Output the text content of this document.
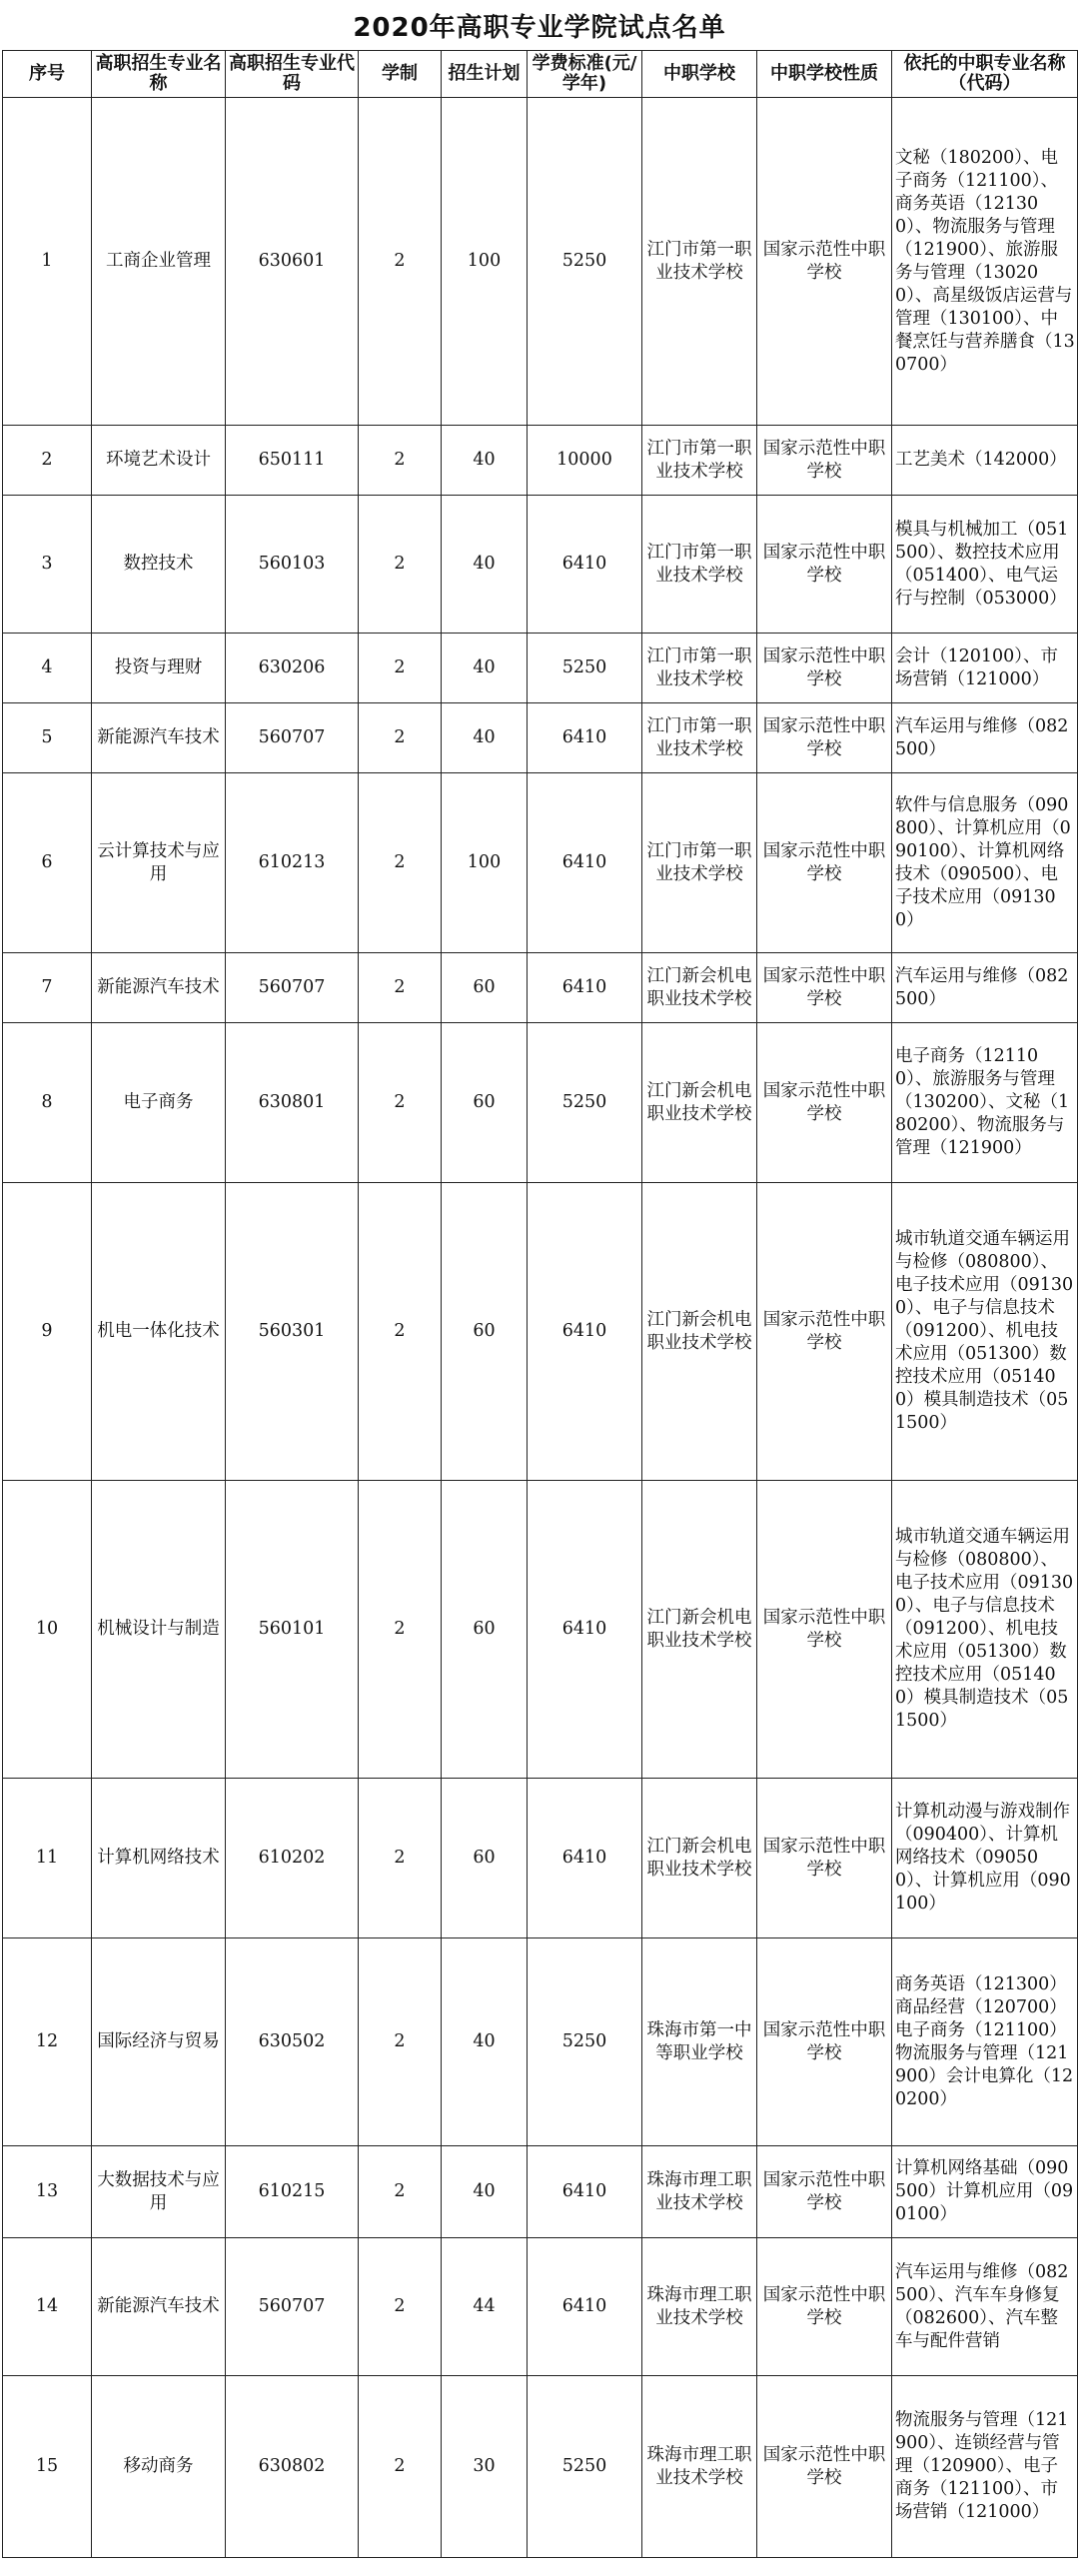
2020年高职专业学院试点名单
序号	高职招生专业名称	高职招生专业代码	学制	招生计划	学费标准(元/学年)	中职学校	中职学校性质	依托的中职专业名称（代码）
1	工商企业管理	630601	2	100	5250	江门市第一职业技术学校	国家示范性中职学校	文秘（180200）、电子商务（121100）、商务英语（121300）、物流服务与管理（121900）、旅游服务与管理（130200）、高星级饭店运营与管理（130100）、中餐烹饪与营养膳食（130700）
2	环境艺术设计	650111	2	40	10000	江门市第一职业技术学校	国家示范性中职学校	工艺美术（142000）
3	数控技术	560103	2	40	6410	江门市第一职业技术学校	国家示范性中职学校	模具与机械加工（051500）、数控技术应用（051400）、电气运行与控制（053000）
4	投资与理财	630206	2	40	5250	江门市第一职业技术学校	国家示范性中职学校	会计（120100）、市场营销（121000）
5	新能源汽车技术	560707	2	40	6410	江门市第一职业技术学校	国家示范性中职学校	汽车运用与维修（082500）
6	云计算技术与应用	610213	2	100	6410	江门市第一职业技术学校	国家示范性中职学校	软件与信息服务（090800）、计算机应用（090100）、计算机网络技术（090500）、电子技术应用（091300）
7	新能源汽车技术	560707	2	60	6410	江门新会机电职业技术学校	国家示范性中职学校	汽车运用与维修（082500）
8	电子商务	630801	2	60	5250	江门新会机电职业技术学校	国家示范性中职学校	电子商务（121100）、旅游服务与管理（130200）、文秘（180200）、物流服务与管理（121900）
9	机电一体化技术	560301	2	60	6410	江门新会机电职业技术学校	国家示范性中职学校	城市轨道交通车辆运用与检修（080800）、电子技术应用（091300）、电子与信息技术（091200）、机电技术应用（051300）数控技术应用（051400）模具制造技术（051500）
10	机械设计与制造	560101	2	60	6410	江门新会机电职业技术学校	国家示范性中职学校	城市轨道交通车辆运用与检修（080800）、电子技术应用（091300）、电子与信息技术（091200）、机电技术应用（051300）数控技术应用（051400）模具制造技术（051500）
11	计算机网络技术	610202	2	60	6410	江门新会机电职业技术学校	国家示范性中职学校	计算机动漫与游戏制作（090400）、计算机网络技术（090500）、计算机应用（090100）
12	国际经济与贸易	630502	2	40	5250	珠海市第一中等职业学校	国家示范性中职学校	商务英语（121300）商品经营（120700）电子商务（121100）物流服务与管理（121900）会计电算化（120200）
13	大数据技术与应用	610215	2	40	6410	珠海市理工职业技术学校	国家示范性中职学校	计算机网络基础（090500）计算机应用（090100）
14	新能源汽车技术	560707	2	44	6410	珠海市理工职业技术学校	国家示范性中职学校	汽车运用与维修（082500）、汽车车身修复（082600）、汽车整车与配件营销
15	移动商务	630802	2	30	5250	珠海市理工职业技术学校	国家示范性中职学校	物流服务与管理（121900）、连锁经营与管理（120900）、电子商务（121100）、市场营销（121000）
